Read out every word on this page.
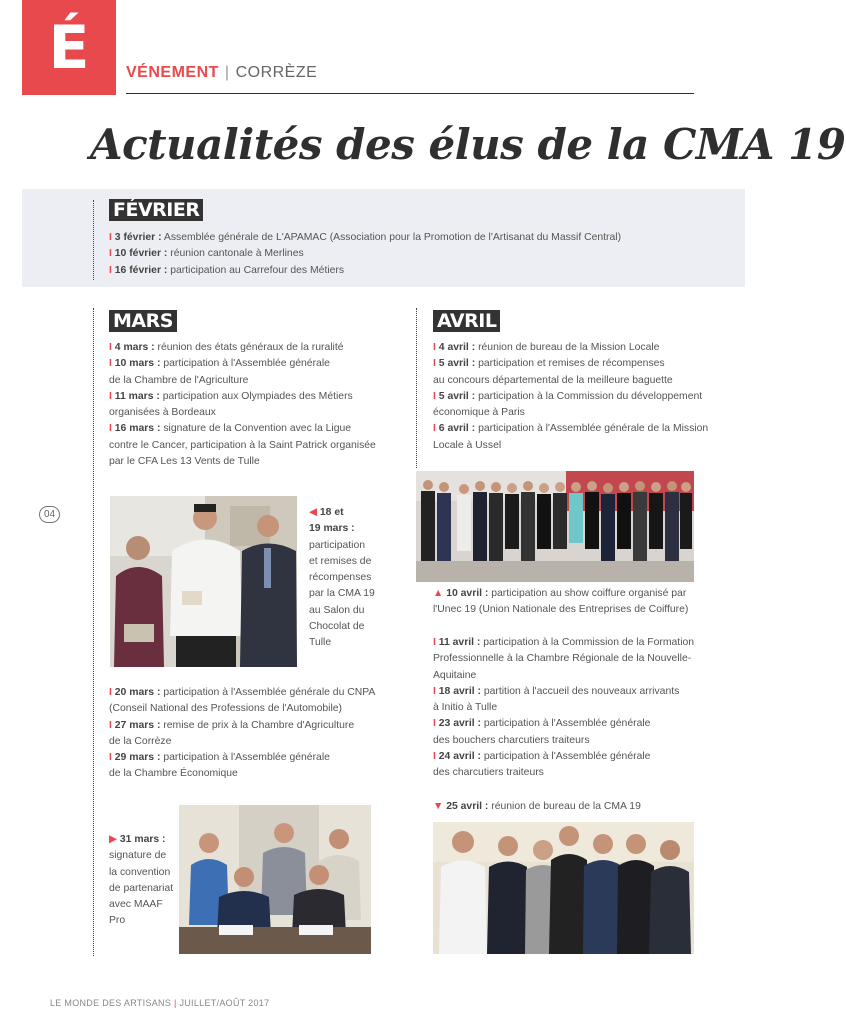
É	VÉNEMENT | CORRÈZE
Actualités des élus de la CMA 19
FÉVRIER
I 3 février : Assemblée générale de L'APAMAC (Association pour la Promotion de l'Artisanat du Massif Central)
I 10 février : réunion cantonale à Merlines
I 16 février : participation au Carrefour des Métiers
04
MARS
I 4 mars : réunion des états généraux de la ruralité
I 10 mars : participation à l'Assemblée générale
de la Chambre de l'Agriculture
I 11 mars : participation aux Olympiades des Métiers
organisées à Bordeaux
I 16 mars : signature de la Convention avec la Ligue
contre le Cancer, participation à la Saint Patrick organisée
par le CFA Les 13 Vents de Tulle
◀ 18 et
19 mars :
participation
et remises de
récompenses
par la CMA 19
au Salon du
Chocolat de
Tulle
I 20 mars : participation à l'Assemblée générale du CNPA
(Conseil National des Professions de l'Automobile)
I 27 mars : remise de prix à la Chambre d'Agriculture
de la Corrèze
I 29 mars : participation à l'Assemblée générale
de la Chambre Économique
▶ 31 mars :
signature de
la convention
de partenariat
avec MAAF
Pro
AVRIL
I 4 avril : réunion de bureau de la Mission Locale
I 5 avril : participation et remises de récompenses
au concours départemental de la meilleure baguette
I 5 avril : participation à la Commission du développement
économique à Paris
I 6 avril : participation à l'Assemblée générale de la Mission
Locale à Ussel
▲ 10 avril : participation au show coiffure organisé par
l'Unec 19 (Union Nationale des Entreprises de Coiffure)
I 11 avril : participation à la Commission de la Formation
Professionnelle à la Chambre Régionale de la Nouvelle-
Aquitaine
I 18 avril : partition à l'accueil des nouveaux arrivants
à Initio à Tulle
I 23 avril : participation à l'Assemblée générale
des bouchers charcutiers traiteurs
I 24 avril : participation à l'Assemblée générale
des charcutiers traiteurs
▼ 25 avril : réunion de bureau de la CMA 19
LE MONDE DES ARTISANS | JUILLET/AOÛT 2017
